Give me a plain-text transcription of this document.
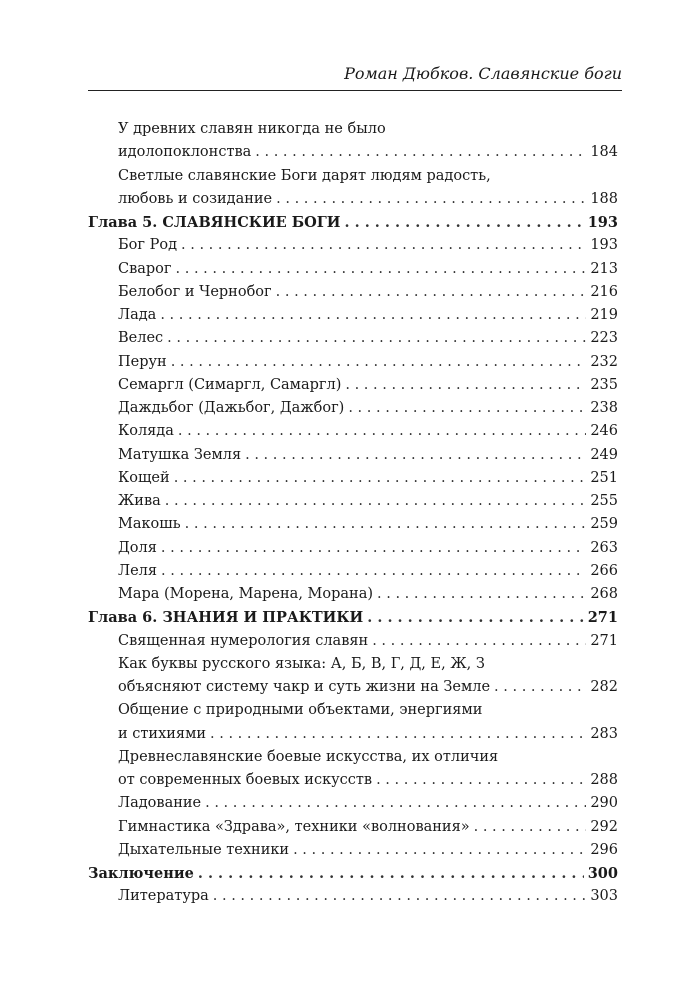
Роман Дюбков. Славянские боги
У древних славян никогда не было
идолопоклонства . . .	184
Светлые славянские Боги дарят людям радость,
любовь и созидание . . .	188
Глава 5. СЛАВЯНСКИЕ БОГИ . . .	193
Бог Род . . .	193
Сварог . . .	213
Белобог и Чернобог . . .	216
Лада . . .	219
Велес . . .	223
Перун . . .	232
Семаргл (Симаргл, Самаргл) . . .	235
Даждьбог (Дажьбог, Дажбог) . . .	238
Коляда . . .	246
Матушка Земля . . .	249
Кощей . . .	251
Жива . . .	255
Макошь . . .	259
Доля . . .	263
Леля . . .	266
Мара (Морена, Марена, Морана) . . .	268
Глава 6. ЗНАНИЯ И ПРАКТИКИ . . .	271
Священная нумерология славян . . .	271
Как буквы русского языка: А, Б, В, Г, Д, Е, Ж, З
объясняют систему чакр и суть жизни на Земле . . .	282
Общение с природными объектами, энергиями
и стихиями . . .	283
Древнеславянские боевые искусства, их отличия
от современных боевых искусств . . .	288
Ладование . . .	290
Гимнастика «Здрава», техники «волнования» . . .	292
Дыхательные техники . . .	296
Заключение . . .	300
Литература . . .	303
